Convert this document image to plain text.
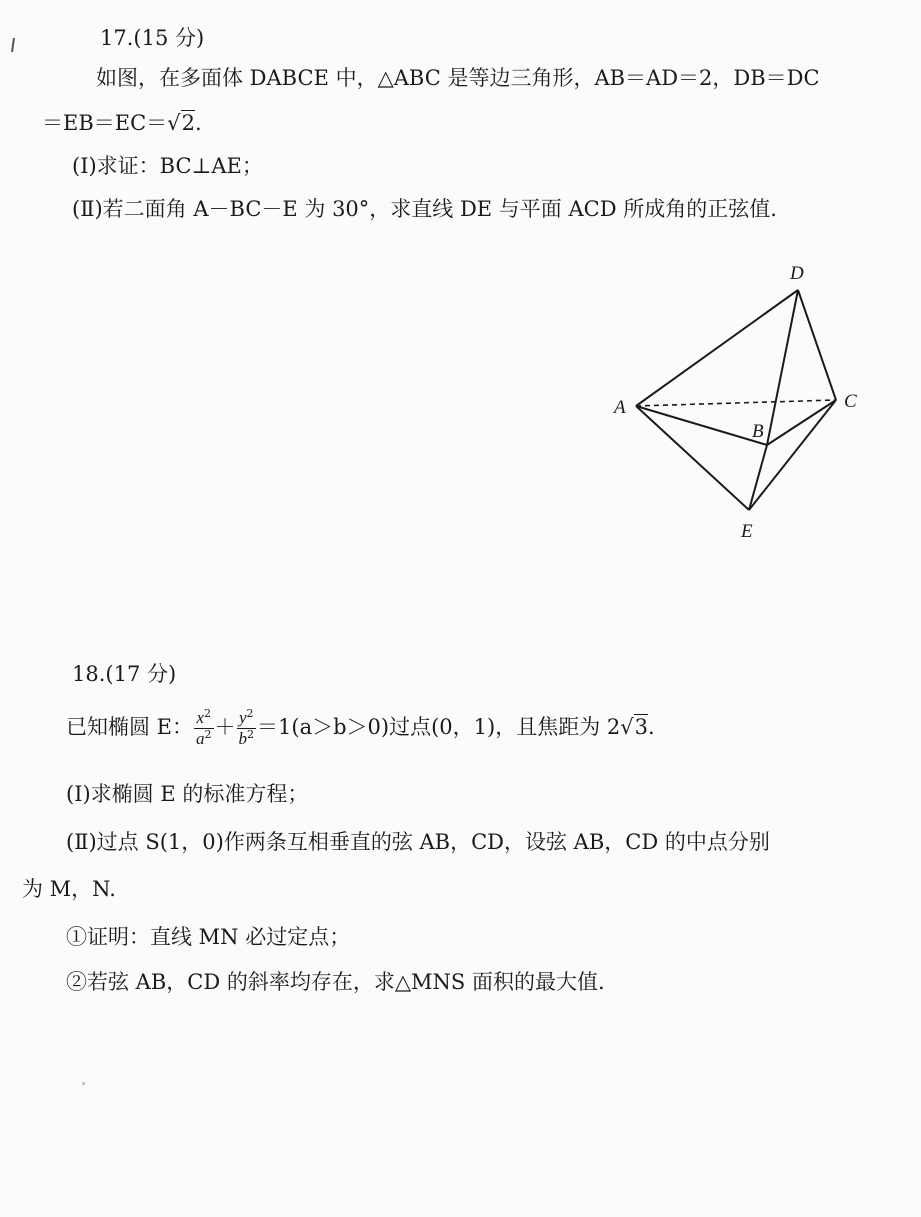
17.(15 分)
如图，在多面体 DABCE 中，△ABC 是等边三角形，AB＝AD＝2，DB＝DC
＝EB＝EC＝√2.
(Ⅰ)求证：BC⊥AE；
(Ⅱ)若二面角 A－BC－E 为 30°，求直线 DE 与平面 ACD 所成角的正弦值.
D
A	C
B
E
18.(17 分)
已知椭圆 E： $\frac{x^2}{a^2} + \frac{y^2}{b^2} =1(a>b>0)$过点(0，1)，且焦距为 2√3.
(Ⅰ)求椭圆 E 的标准方程；
(Ⅱ)过点 S(1，0)作两条互相垂直的弦 AB，CD，设弦 AB，CD 的中点分别
为 M，N.
①证明：直线 MN 必过定点；
②若弦 AB，CD 的斜率均存在，求△MNS 面积的最大值.
